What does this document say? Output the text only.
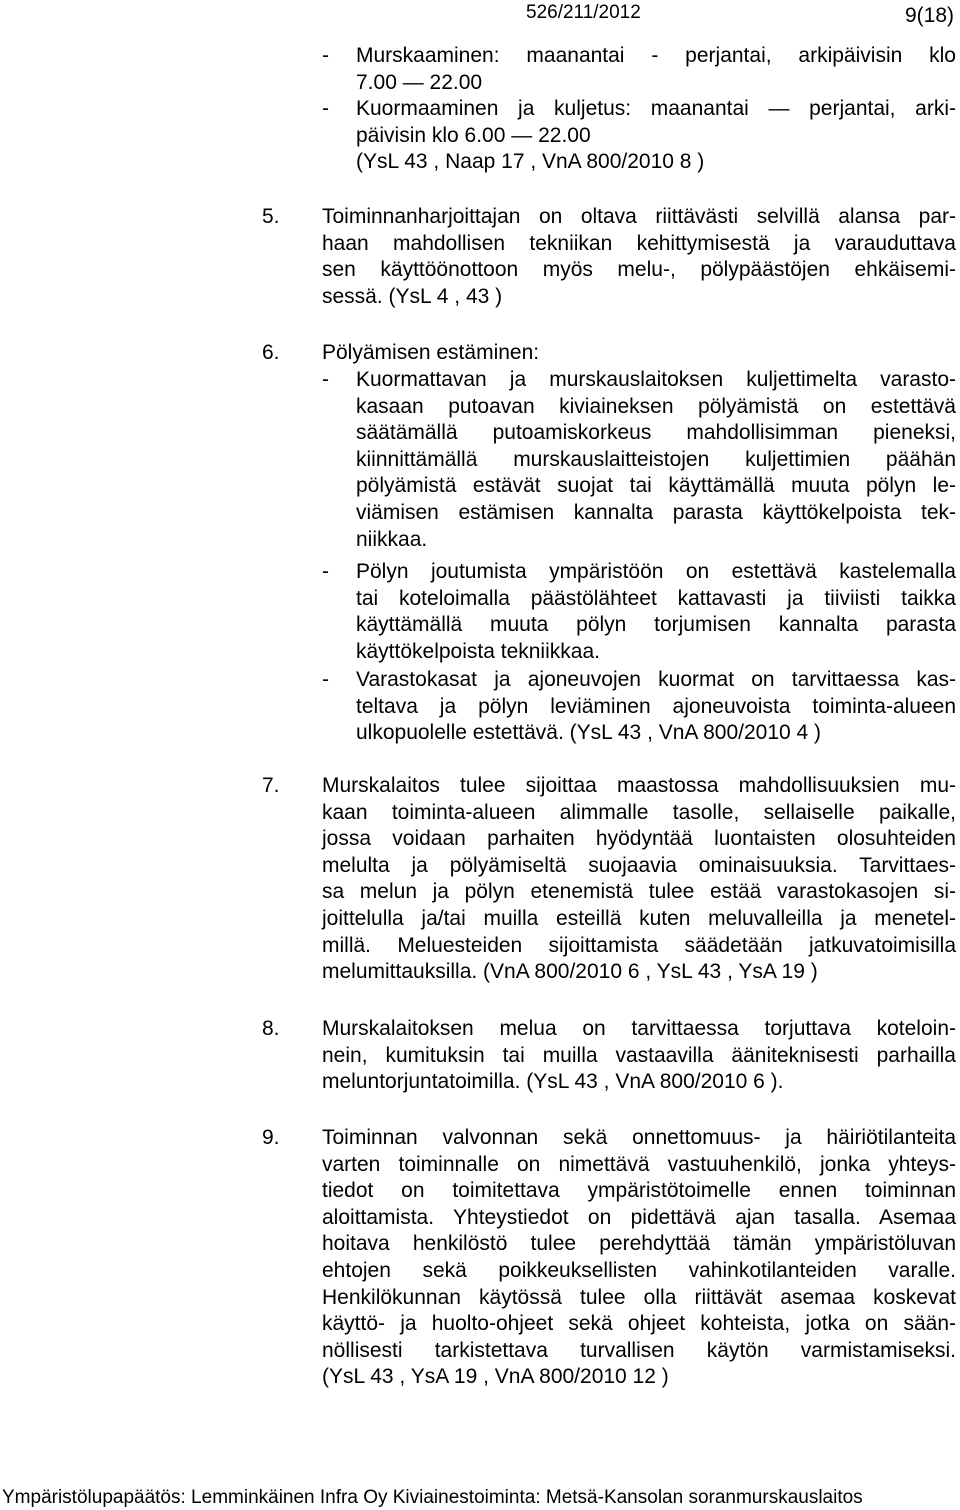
526/211/2012	9(18)
- Murskaaminen: maanantai - perjantai, arkipäivisin klo
7.00 — 22.00
- Kuormaaminen ja kuljetus: maanantai — perjantai, arki-
päivisin klo 6.00 — 22.00
(YsL 43 , Naap 17 , VnA 800/2010 8 )

5. Toiminnanharjoittajan on oltava riittävästi selvillä alansa par-
haan mahdollisen tekniikan kehittymisestä ja varauduttava
sen käyttöönottoon myös melu-, pölypäästöjen ehkäisemi-
sessä. (YsL 4 , 43 )

6. Pölyämisen estäminen:
- Kuormattavan ja murskauslaitoksen kuljettimelta varasto-
kasaan putoavan kiviaineksen pölyämistä on estettävä
säätämällä putoamiskorkeus mahdollisimman pieneksi,
kiinnittämällä murskauslaitteistojen kuljettimien päähän
pölyämistä estävät suojat tai käyttämällä muuta pölyn le-
viämisen estämisen kannalta parasta käyttökelpoista tek-
niikkaa.
- Pölyn joutumista ympäristöön on estettävä kastelemalla
tai koteloimalla päästölähteet kattavasti ja tiiviisti taikka
käyttämällä muuta pölyn torjumisen kannalta parasta
käyttökelpoista tekniikkaa.
- Varastokasat ja ajoneuvojen kuormat on tarvittaessa kas-
teltava ja pölyn leviäminen ajoneuvoista toiminta-alueen
ulkopuolelle estettävä. (YsL 43 , VnA 800/2010 4 )

7. Murskalaitos tulee sijoittaa maastossa mahdollisuuksien mu-
kaan toiminta-alueen alimmalle tasolle, sellaiselle paikalle,
jossa voidaan parhaiten hyödyntää luontaisten olosuhteiden
melulta ja pölyämiseltä suojaavia ominaisuuksia. Tarvittaes-
sa melun ja pölyn etenemistä tulee estää varastokasojen si-
joittelulla ja/tai muilla esteillä kuten meluvalleilla ja menetel-
millä. Meluesteiden sijoittamista säädetään jatkuvatoimisilla
melumittauksilla. (VnA 800/2010 6 , YsL 43 , YsA 19 )

8. Murskalaitoksen melua on tarvittaessa torjuttava koteloin-
nein, kumituksin tai muilla vastaavilla ääniteknisesti parhailla
meluntorjuntatoimilla. (YsL 43 , VnA 800/2010 6 ).

9. Toiminnan valvonnan sekä onnettomuus- ja häiriötilanteita
varten toiminnalle on nimettävä vastuuhenkilö, jonka yhteys-
tiedot on toimitettava ympäristötoimelle ennen toiminnan
aloittamista. Yhteystiedot on pidettävä ajan tasalla. Asemaa
hoitava henkilöstö tulee perehdyttää tämän ympäristöluvan
ehtojen sekä poikkeuksellisten vahinkotilanteiden varalle.
Henkilökunnan käytössä tulee olla riittävät asemaa koskevat
käyttö- ja huolto-ohjeet sekä ohjeet kohteista, jotka on sään-
nöllisesti tarkistettava turvallisen käytön varmistamiseksi.
(YsL 43 , YsA 19 , VnA 800/2010 12 )
Ympäristölupapäätös: Lemminkäinen Infra Oy Kiviainestoiminta: Metsä-Kansolan soranmurskauslaitos
